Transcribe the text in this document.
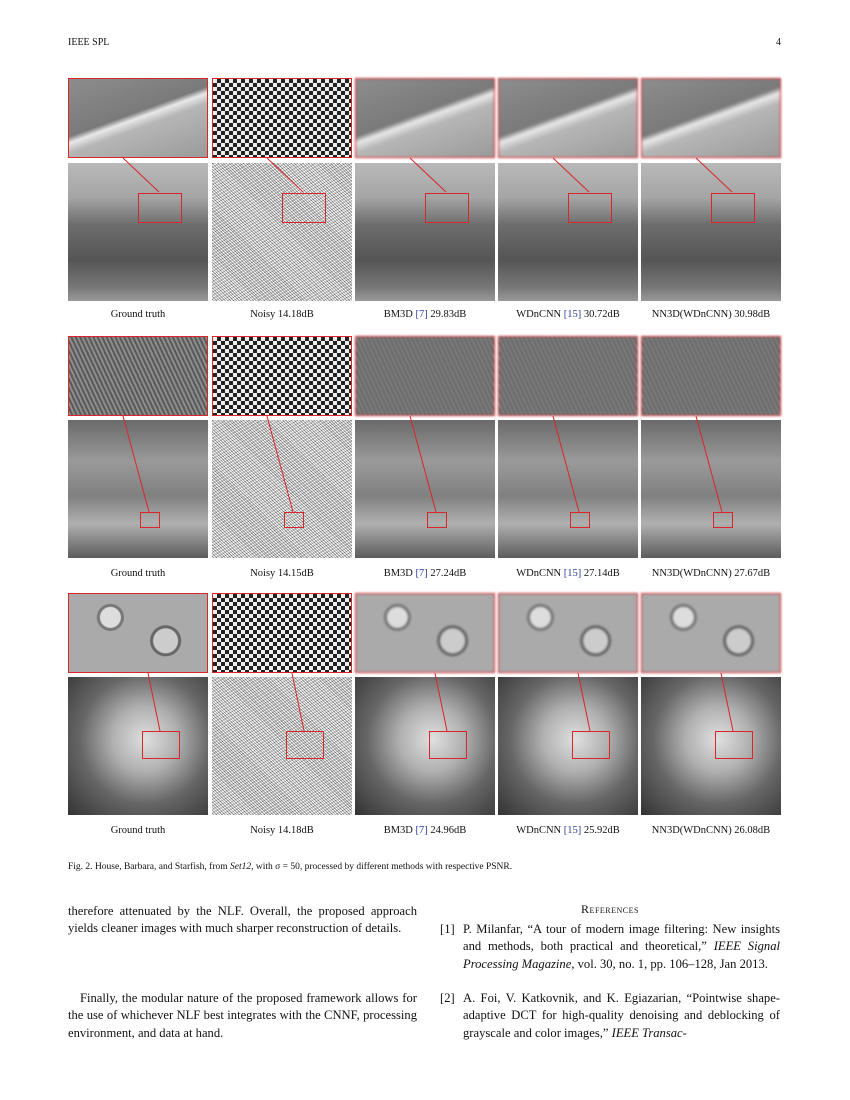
IEEE SPL	4
Ground truth	Noisy 14.18dB	BM3D [7] 29.83dB	WDnCNN [15] 30.72dB	NN3D(WDnCNN) 30.98dB
Ground truth	Noisy 14.15dB	BM3D [7] 27.24dB	WDnCNN [15] 27.14dB	NN3D(WDnCNN) 27.67dB
Ground truth	Noisy 14.18dB	BM3D [7] 24.96dB	WDnCNN [15] 25.92dB	NN3D(WDnCNN) 26.08dB
Fig. 2. House, Barbara, and Starfish, from Set12, with σ = 50, processed by different methods with respective PSNR.
therefore attenuated by the NLF. Overall, the proposed approach yields cleaner images with much sharper reconstruction of details.
Finally, the modular nature of the proposed framework allows for the use of whichever NLF best integrates with the CNNF, processing environment, and data at hand.
References
[1] P. Milanfar, “A tour of modern image filtering: New insights and methods, both practical and theoretical,” IEEE Signal Processing Magazine, vol. 30, no. 1, pp. 106–128, Jan 2013.
[2] A. Foi, V. Katkovnik, and K. Egiazarian, “Pointwise shape-adaptive DCT for high-quality denoising and deblocking of grayscale and color images,” IEEE Transac-
